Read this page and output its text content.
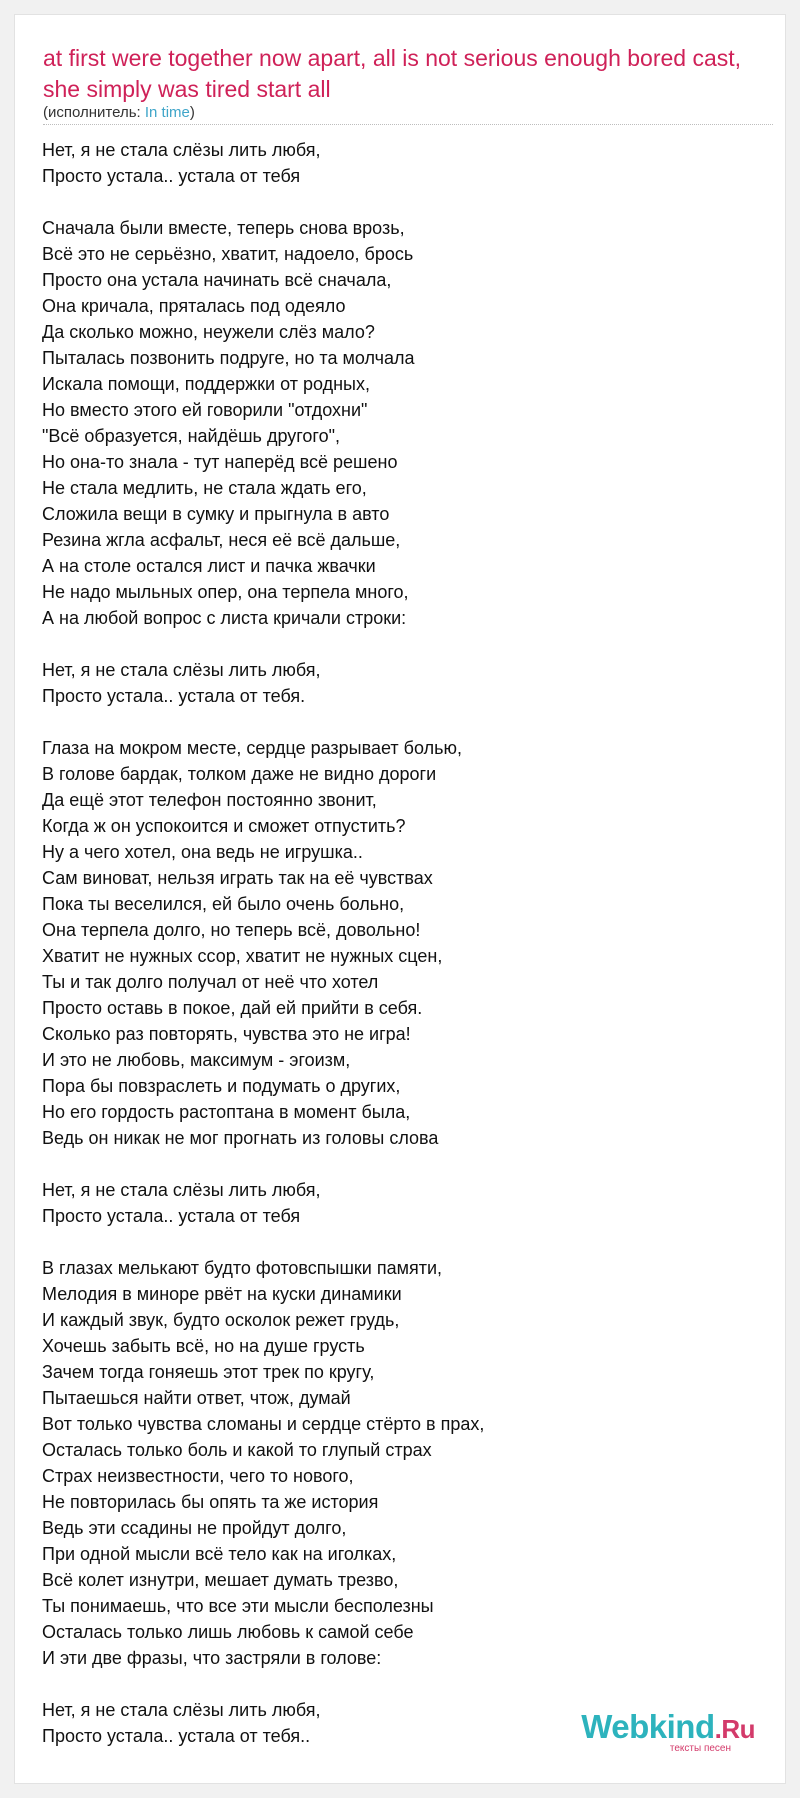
at first were together now apart, all is not serious enough bored cast, she simply was tired start all
(исполнитель: In time)
Нет, я не стала слёзы лить любя,
Просто устала.. устала от тебя
Сначала были вместе, теперь снова врозь,
Всё это не серьёзно, хватит, надоело, брось
Просто она устала начинать всё сначала,
Она кричала, пряталась под одеяло
Да сколько можно, неужели слёз мало?
Пыталась позвонить подруге, но та молчала
Искала помощи, поддержки от родных,
Но вместо этого ей говорили "отдохни"
"Всё образуется, найдёшь другого",
Но она-то знала - тут наперёд всё решено
Не стала медлить, не стала ждать его,
Сложила вещи в сумку и прыгнула в авто
Резина жгла асфальт, неся её всё дальше,
А на столе остался лист и пачка жвачки
Не надо мыльных опер, она терпела много,
А на любой вопрос с листа кричали строки:
Нет, я не стала слёзы лить любя,
Просто устала.. устала от тебя.
Глаза на мокром месте, сердце разрывает болью,
В голове бардак, толком даже не видно дороги
Да ещё этот телефон постоянно звонит,
Когда ж он успокоится и сможет отпустить?
Ну а чего хотел, она ведь не игрушка..
Сам виноват, нельзя играть так на её чувствах
Пока ты веселился, ей было очень больно,
Она терпела долго, но теперь всё, довольно!
Хватит не нужных ссор, хватит не нужных сцен,
Ты и так долго получал от неё что хотел
Просто оставь в покое, дай ей прийти в себя.
Сколько раз повторять, чувства это не игра!
И это не любовь, максимум - эгоизм,
Пора бы повзраслеть и подумать о других,
Но его гордость растоптана в момент была,
Ведь он никак не мог прогнать из головы слова
Нет, я не стала слёзы лить любя,
Просто устала.. устала от тебя
В глазах мелькают будто фотовспышки памяти,
Мелодия в миноре рвёт на куски динамики
И каждый звук, будто осколок режет грудь,
Хочешь забыть всё, но на душе грусть
Зачем тогда гоняешь этот трек по кругу,
Пытаешься найти ответ, чтож, думай
Вот только чувства сломаны и сердце стёрто в прах,
Осталась только боль и какой то глупый страх
Страх неизвестности, чего то нового,
Не повторилась бы опять та же история
Ведь эти ссадины не пройдут долго,
При одной мысли всё тело как на иголках,
Всё колет изнутри, мешает думать трезво,
Ты понимаешь, что все эти мысли бесполезны
Осталась только лишь любовь к самой себе
И эти две фразы, что застряли в голове:
Нет, я не стала слёзы лить любя,
Просто устала.. устала от тебя..	Webkind.Ru
тексты песен
